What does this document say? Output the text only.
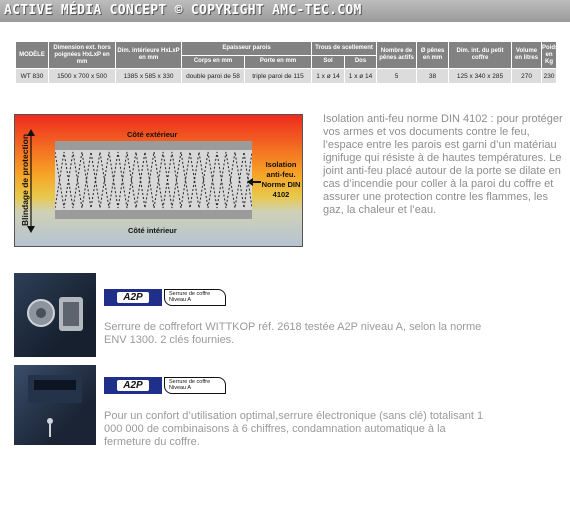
ACTIVE MÉDIA CONCEPT © COPYRIGHT AMC-TEC.COM
MODÈLE	Dimension ext. hors poignées HxLxP en mm	Dim. intérieure HxLxP en mm	Epaisseur parois		Trous de scellement		Nombre de pênes actifs	Ø pênes en mm	Dim. int. du petit coffre	Volume en litres	Poids en Kg
			Corps en mm	Porte en mm	Sol	Dos					
WT 830	1500 x 700 x 500	1385 x 585 x 330	double paroi de 58	triple paroi de 115	1 x ø 14	1 x ø 14	5	38	125 x 340 x 285	270	230
Côté extérieur
Côté intérieur
Blindage de protection	Isolation anti-feu. Norme DIN 4102

Isolation anti-feu norme DIN 4102 : pour protéger vos armes et vos documents contre le feu, l’espace entre les parois est garni d’un matériau ignifuge qui résiste à de hautes températures. Le joint anti-feu placé autour de la porte se dilate en cas d’incendie pour coller à la paroi du coffre et assurer une protection contre les flammes, les gaz, la chaleur et l’eau.

A2P	Serrure de coffre
Niveau A

Serrure de coffrefort WITTKOP réf. 2618 testée A2P niveau A, selon la norme ENV 1300. 2 clés fournies.

A2P	Serrure de coffre
Niveau A

Pour un confort d’utilisation optimal,serrure électronique (sans clé) totalisant 1 000 000 de combinaisons à 6 chiffres, condamnation automatique à la fermeture du coffre.
